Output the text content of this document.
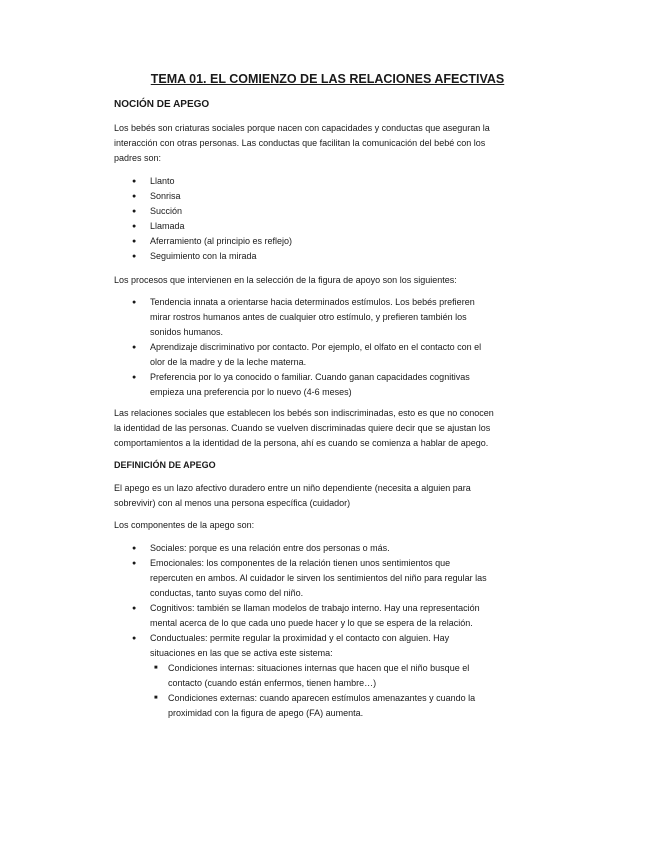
TEMA 01. EL COMIENZO DE LAS RELACIONES AFECTIVAS
NOCIÓN DE APEGO

Los bebés son criaturas sociales porque nacen con capacidades y conductas que aseguran la
interacción con otras personas. Las conductas que facilitan la comunicación del bebé con los
padres son:

● Llanto
● Sonrisa
● Succión
● Llamada
● Aferramiento (al principio es reflejo)
● Seguimiento con la mirada

Los procesos que intervienen en la selección de la figura de apoyo son los siguientes:

● Tendencia innata a orientarse hacia determinados estímulos. Los bebés prefieren
mirar rostros humanos antes de cualquier otro estímulo, y prefieren también los
sonidos humanos.
● Aprendizaje discriminativo por contacto. Por ejemplo, el olfato en el contacto con el
olor de la madre y de la leche materna.
● Preferencia por lo ya conocido o familiar. Cuando ganan capacidades cognitivas
empieza una preferencia por lo nuevo (4-6 meses)

Las relaciones sociales que establecen los bebés son indiscriminadas, esto es que no conocen
la identidad de las personas. Cuando se vuelven discriminadas quiere decir que se ajustan los
comportamientos a la identidad de la persona, ahí es cuando se comienza a hablar de apego.

DEFINICIÓN DE APEGO

El apego es un lazo afectivo duradero entre un niño dependiente (necesita a alguien para
sobrevivir) con al menos una persona específica (cuidador)

Los componentes de la apego son:

● Sociales: porque es una relación entre dos personas o más.
● Emocionales: los componentes de la relación tienen unos sentimientos que
repercuten en ambos. Al cuidador le sirven los sentimientos del niño para regular las
conductas, tanto suyas como del niño.
● Cognitivos: también se llaman modelos de trabajo interno. Hay una representación
mental acerca de lo que cada uno puede hacer y lo que se espera de la relación.
● Conductuales: permite regular la proximidad y el contacto con alguien. Hay
situaciones en las que se activa este sistema:
■ Condiciones internas: situaciones internas que hacen que el niño busque el
contacto (cuando están enfermos, tienen hambre…)
■ Condiciones externas: cuando aparecen estímulos amenazantes y cuando la
proximidad con la figura de apego (FA) aumenta.
